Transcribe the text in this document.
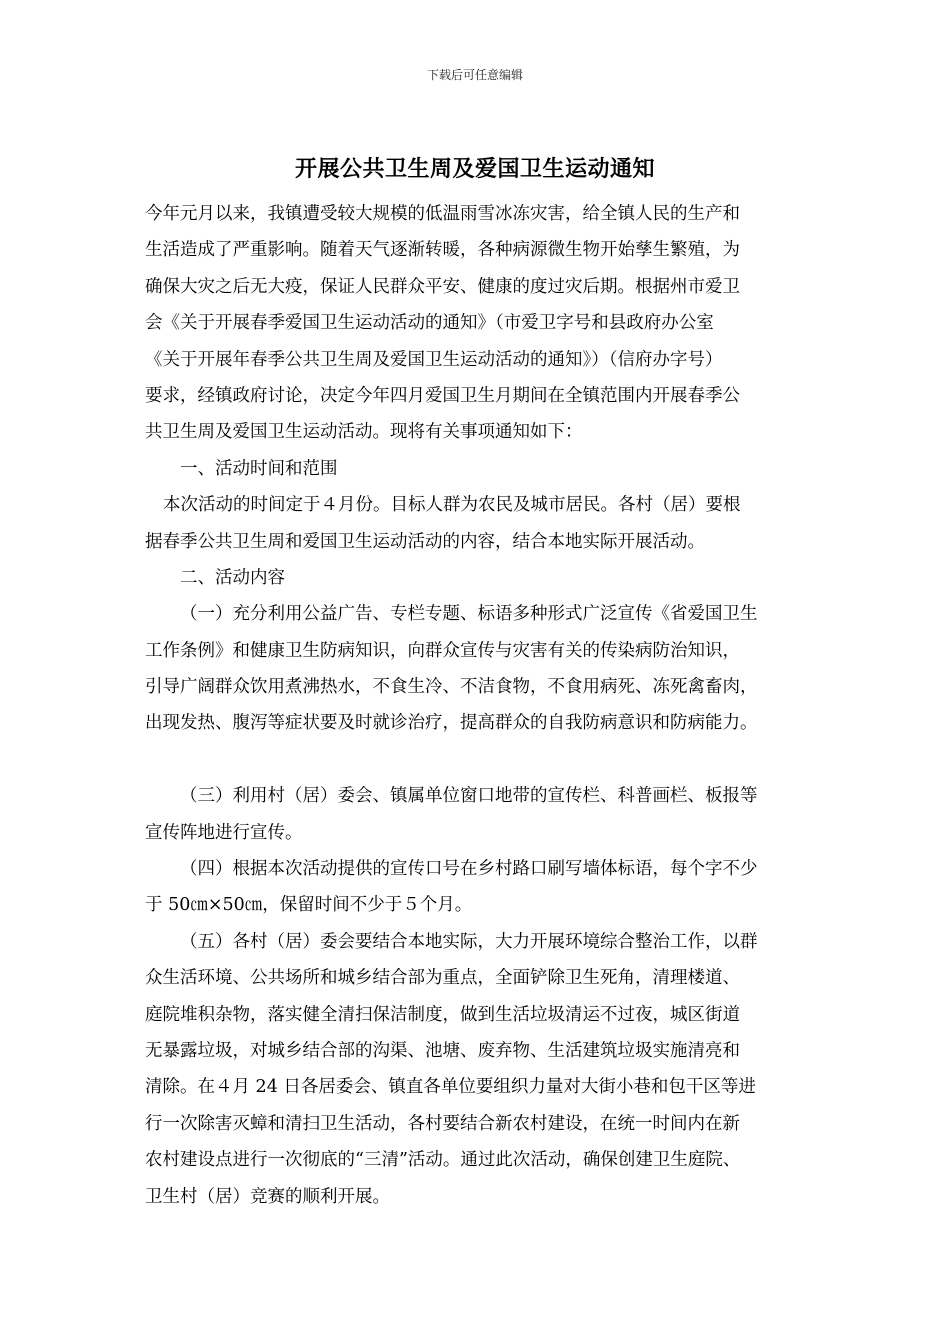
下载后可任意编辑
开展公共卫生周及爱国卫生运动通知
今年元月以来，我镇遭受较大规模的低温雨雪冰冻灾害，给全镇人民的生产和
生活造成了严重影响。随着天气逐渐转暖，各种病源微生物开始孳生繁殖，为
确保大灾之后无大疫，保证人民群众平安、健康的度过灾后期。根据州市爱卫
会《关于开展春季爱国卫生运动活动的通知》（市爱卫字号和县政府办公室
《关于开展年春季公共卫生周及爱国卫生运动活动的通知》）（信府办字号）
要求，经镇政府讨论，决定今年四月爱国卫生月期间在全镇范围内开展春季公
共卫生周及爱国卫生运动活动。现将有关事项通知如下：
一、活动时间和范围
本次活动的时间定于４月份。目标人群为农民及城市居民。各村（居）要根
据春季公共卫生周和爱国卫生运动活动的内容，结合本地实际开展活动。
二、活动内容
（一）充分利用公益广告、专栏专题、标语多种形式广泛宣传《省爱国卫生
工作条例》和健康卫生防病知识，向群众宣传与灾害有关的传染病防治知识，
引导广阔群众饮用煮沸热水，不食生冷、不洁食物，不食用病死、冻死禽畜肉，
出现发热、腹泻等症状要及时就诊治疗，提高群众的自我防病意识和防病能力。
（三）利用村（居）委会、镇属单位窗口地带的宣传栏、科普画栏、板报等
宣传阵地进行宣传。
（四）根据本次活动提供的宣传口号在乡村路口刷写墙体标语，每个字不少
于 50㎝×50㎝，保留时间不少于５个月。
（五）各村（居）委会要结合本地实际，大力开展环境综合整治工作，以群
众生活环境、公共场所和城乡结合部为重点，全面铲除卫生死角，清理楼道、
庭院堆积杂物，落实健全清扫保洁制度，做到生活垃圾清运不过夜，城区街道
无暴露垃圾，对城乡结合部的沟渠、池塘、废弃物、生活建筑垃圾实施清亮和
清除。在４月 24 日各居委会、镇直各单位要组织力量对大街小巷和包干区等进
行一次除害灭蟑和清扫卫生活动，各村要结合新农村建设，在统一时间内在新
农村建设点进行一次彻底的“三清”活动。通过此次活动，确保创建卫生庭院、
卫生村（居）竞赛的顺利开展。
